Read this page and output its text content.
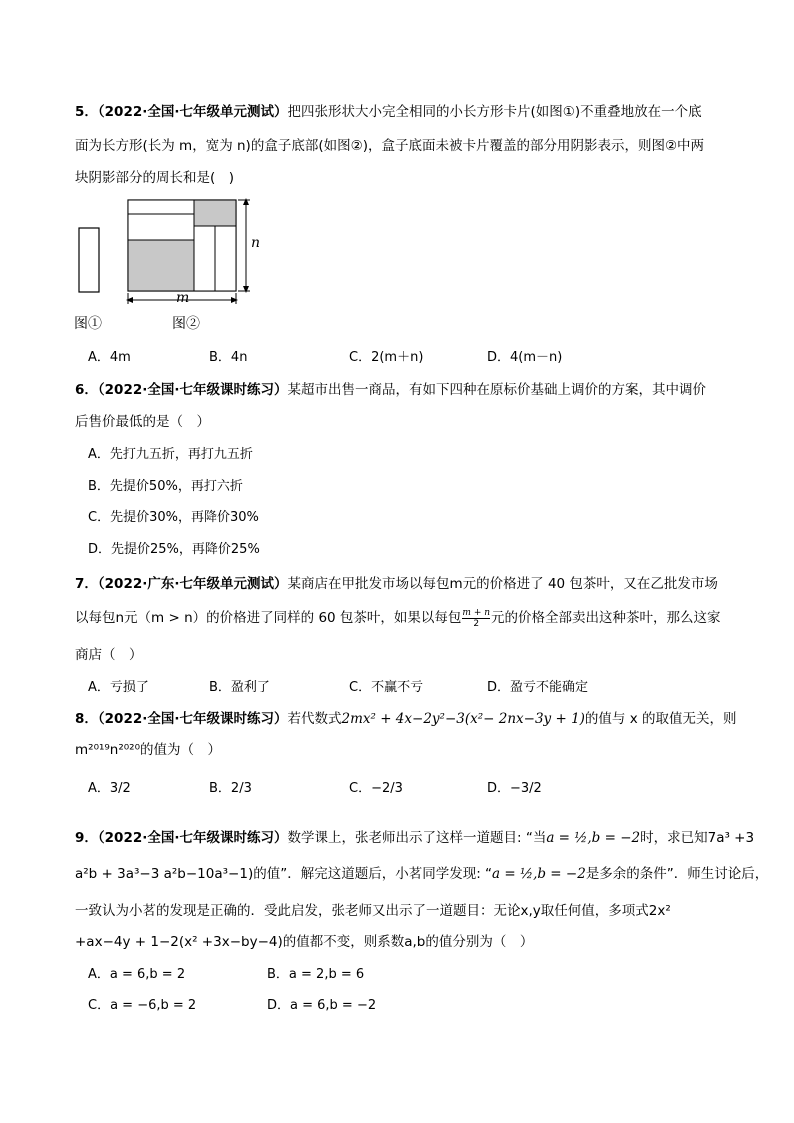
5．（2022·全国·七年级单元测试）把四张形状大小完全相同的小长方形卡片(如图①)不重叠地放在一个底
面为长方形(长为 m，宽为 n)的盒子底部(如图②)，盒子底面未被卡片覆盖的部分用阴影表示，则图②中两
块阴影部分的周长和是(　)
n
m
图①	图②
A．4m	B．4n	C．2(m＋n)	D．4(m－n)
6．（2022·全国·七年级课时练习）某超市出售一商品，有如下四种在原标价基础上调价的方案，其中调价
后售价最低的是（　）
A．先打九五折，再打九五折
B．先提价50%，再打六折
C．先提价30%，再降价30%
D．先提价25%，再降价25%
7．（2022·广东·七年级单元测试）某商店在甲批发市场以每包m元的价格进了 40 包茶叶，又在乙批发市场
以每包n元（m > n）的价格进了同样的 60 包茶叶，如果以每包 $\frac{m + n}{2}$ 元的价格全部卖出这种茶叶，那么这家
商店（　）
A．亏损了	B．盈利了	C．不赢不亏	D．盈亏不能确定
8．（2022·全国·七年级课时练习）若代数式2mx² + 4x−2y²−3(x²− 2nx−3y + 1)的值与 x 的取值无关，则
m²⁰¹⁹n²⁰²⁰的值为（　）
A．3/2	B．2/3	C．−2/3	D．−3/2
9．（2022·全国·七年级课时练习）数学课上，张老师出示了这样一道题目: “当a = ½,b = −2时，求已知7a³ +3
a²b + 3a³−3 a²b−10a³−1)的值”．解完这道题后，小茗同学发现: “a = ½,b = −2是多余的条件”．师生讨论后，
一致认为小茗的发现是正确的．受此启发，张老师又出示了一道题目：无论x,y取任何值，多项式2x²
+ax−4y + 1−2(x² +3x−by−4)的值都不变，则系数a,b的值分别为（　）
A．a = 6,b = 2	B．a = 2,b = 6
C．a = −6,b = 2	D．a = 6,b = −2
